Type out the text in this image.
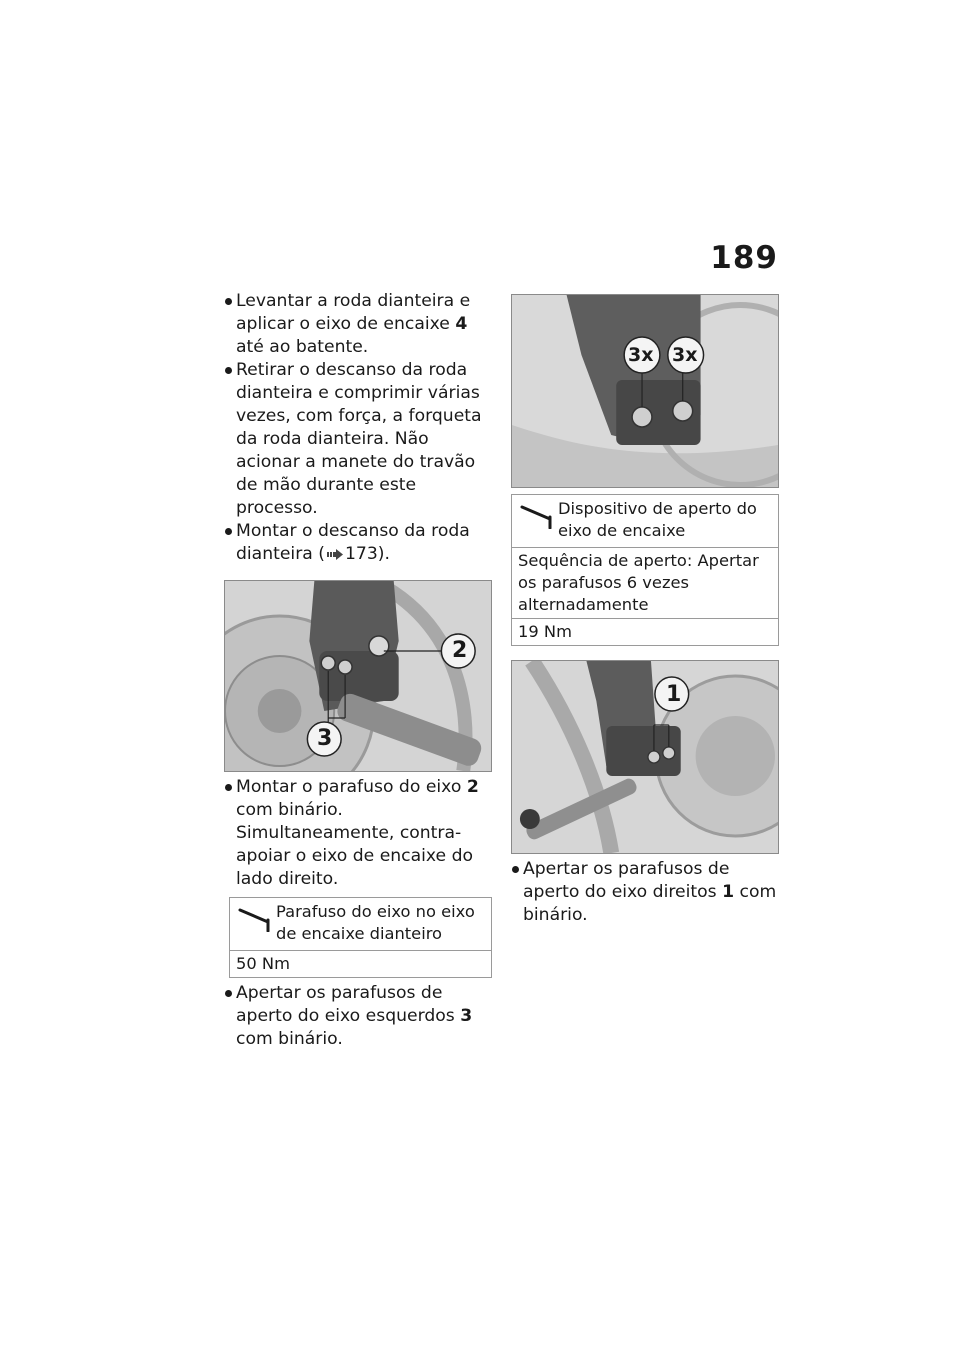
189
Levantar a roda dianteira e aplicar o eixo de encaixe 4 até ao batente.
Retirar o descanso da roda dianteira e comprimir várias vezes, com força, a forqueta da roda dianteira. Não acionar a manete do travão de mão durante este processo.
Montar o descanso da roda dianteira ( 173).
2
3
Montar o parafuso do eixo 2 com binário. Simultaneamente, contra-apoiar o eixo de encaixe do lado direito.
Parafuso do eixo no eixo de encaixe dianteiro
50 Nm
Apertar os parafusos de aperto do eixo esquerdos 3 com binário.
3x 3x
Dispositivo de aperto do eixo de encaixe
Sequência de aperto: Apertar os parafusos 6 vezes alternadamente
19 Nm
1
Apertar os parafusos de aperto do eixo direitos 1 com binário.
